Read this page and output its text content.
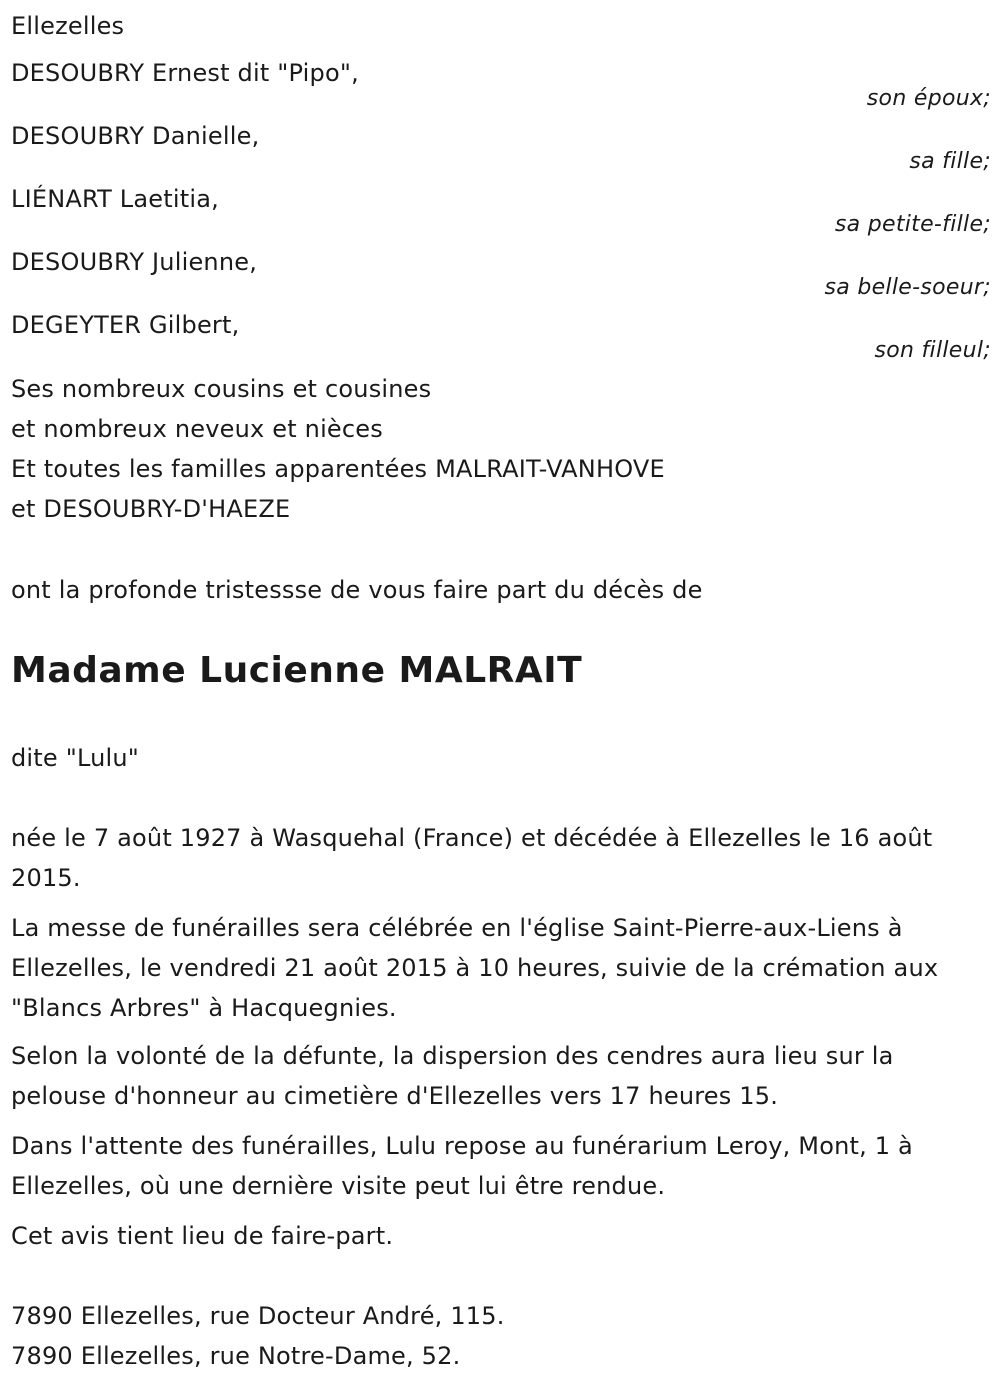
Ellezelles
DESOUBRY Ernest dit "Pipo",
son époux;
DESOUBRY Danielle,
sa fille;
LIÉNART Laetitia,
sa petite-fille;
DESOUBRY Julienne,
sa belle-soeur;
DEGEYTER Gilbert,
son filleul;
Ses nombreux cousins et cousines
et nombreux neveux et nièces
Et toutes les familles apparentées MALRAIT-VANHOVE
et DESOUBRY-D'HAEZE
ont la profonde tristessse de vous faire part du décès de
Madame Lucienne MALRAIT
dite "Lulu"
née le 7 août 1927 à Wasquehal (France) et décédée à Ellezelles le 16 août 2015.
La messe de funérailles sera célébrée en l'église Saint-Pierre-aux-Liens à Ellezelles, le vendredi 21 août 2015 à 10 heures, suivie de la crémation aux "Blancs Arbres" à Hacquegnies.
Selon la volonté de la défunte, la dispersion des cendres aura lieu sur la pelouse d'honneur au cimetière d'Ellezelles vers 17 heures 15.
Dans l'attente des funérailles, Lulu repose au funérarium Leroy, Mont, 1 à Ellezelles, où une dernière visite peut lui être rendue.
Cet avis tient lieu de faire-part.
7890 Ellezelles, rue Docteur André, 115.
7890 Ellezelles, rue Notre-Dame, 52.
